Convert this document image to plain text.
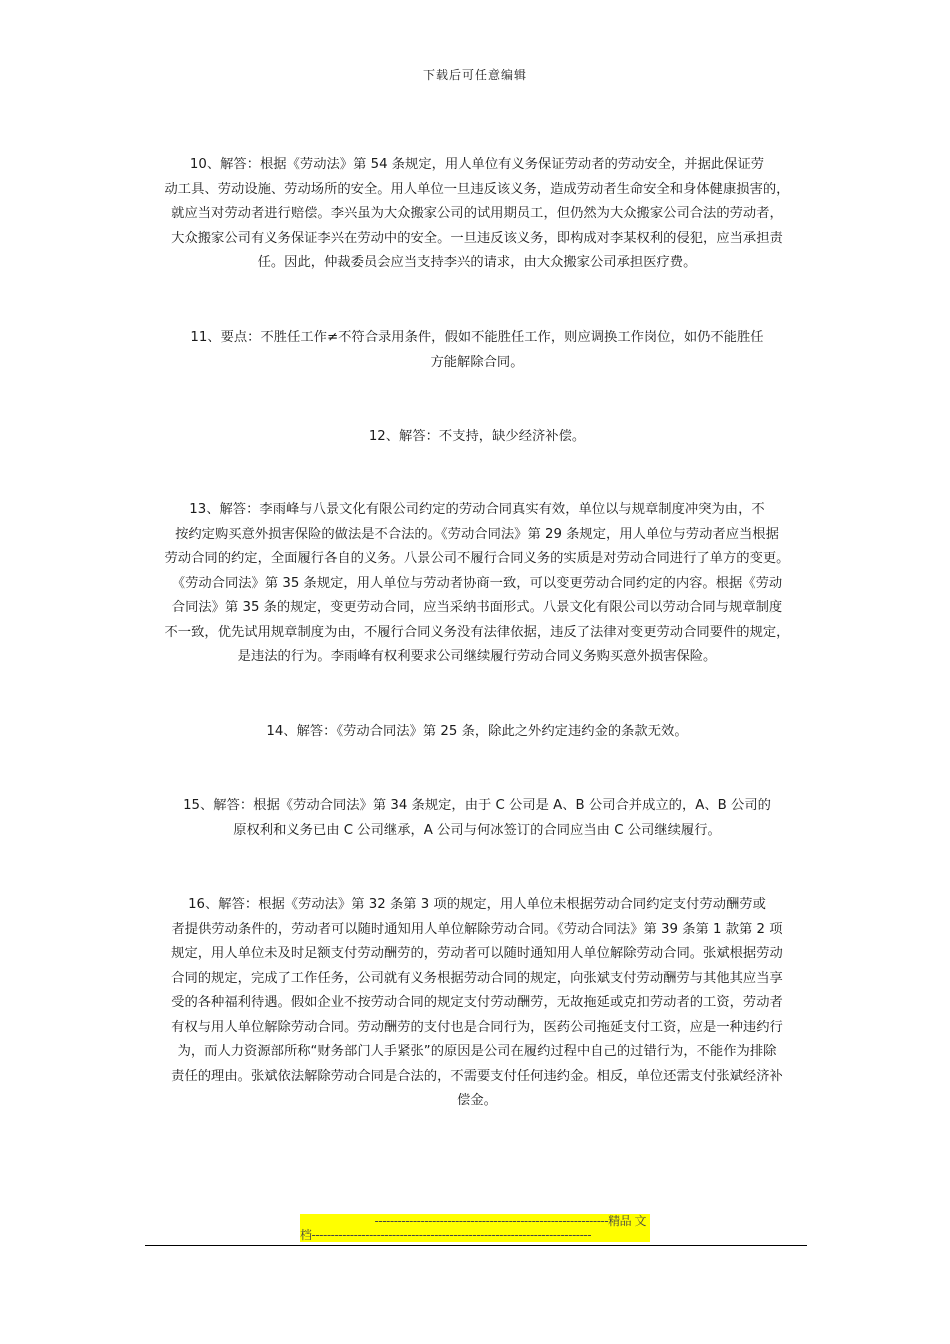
下载后可任意编辑

10、解答：根据《劳动法》第 54 条规定，用人单位有义务保证劳动者的劳动安全，并据此保证劳

动工具、劳动设施、劳动场所的安全。用人单位一旦违反该义务，造成劳动者生命安全和身体健康损害的，

就应当对劳动者进行赔偿。李兴虽为大众搬家公司的试用期员工，但仍然为大众搬家公司合法的劳动者，

大众搬家公司有义务保证李兴在劳动中的安全。一旦违反该义务，即构成对李某权利的侵犯，应当承担责

任。因此，仲裁委员会应当支持李兴的请求，由大众搬家公司承担医疗费。

11、要点：不胜任工作≠不符合录用条件，假如不能胜任工作，则应调换工作岗位，如仍不能胜任

方能解除合同。

12、解答：不支持，缺少经济补偿。

13、解答：李雨峰与八景文化有限公司约定的劳动合同真实有效，单位以与规章制度冲突为由，不

按约定购买意外损害保险的做法是不合法的。《劳动合同法》第 29 条规定，用人单位与劳动者应当根据

劳动合同的约定，全面履行各自的义务。八景公司不履行合同义务的实质是对劳动合同进行了单方的变更。

《劳动合同法》第 35 条规定，用人单位与劳动者协商一致，可以变更劳动合同约定的内容。根据《劳动

合同法》第 35 条的规定，变更劳动合同，应当采纳书面形式。八景文化有限公司以劳动合同与规章制度

不一致，优先试用规章制度为由，不履行合同义务没有法律依据，违反了法律对变更劳动合同要件的规定，

是违法的行为。李雨峰有权利要求公司继续履行劳动合同义务购买意外损害保险。

14、解答：《劳动合同法》第 25 条，除此之外约定违约金的条款无效。

15、解答：根据《劳动合同法》第 34 条规定，由于 C 公司是 A、B 公司合并成立的，A、B 公司的

原权利和义务已由 C 公司继承，A 公司与何冰签订的合同应当由 C 公司继续履行。

16、解答：根据《劳动法》第 32 条第 3 项的规定，用人单位未根据劳动合同约定支付劳动酬劳或

者提供劳动条件的，劳动者可以随时通知用人单位解除劳动合同。《劳动合同法》第 39 条第 1 款第 2 项

规定，用人单位未及时足额支付劳动酬劳的，劳动者可以随时通知用人单位解除劳动合同。张斌根据劳动

合同的规定，完成了工作任务，公司就有义务根据劳动合同的规定，向张斌支付劳动酬劳与其他其应当享

受的各种福利待遇。假如企业不按劳动合同的规定支付劳动酬劳，无故拖延或克扣劳动者的工资，劳动者

有权与用人单位解除劳动合同。劳动酬劳的支付也是合同行为，医药公司拖延支付工资，应是一种违约行

为，而人力资源部所称“财务部门人手紧张”的原因是公司在履约过程中自己的过错行为，不能作为排除

责任的理由。张斌依法解除劳动合同是合法的，不需要支付任何违约金。相反，单位还需支付张斌经济补

偿金。

-------------------------------------------------------------精品 文
档-------------------------------------------------------------------------
